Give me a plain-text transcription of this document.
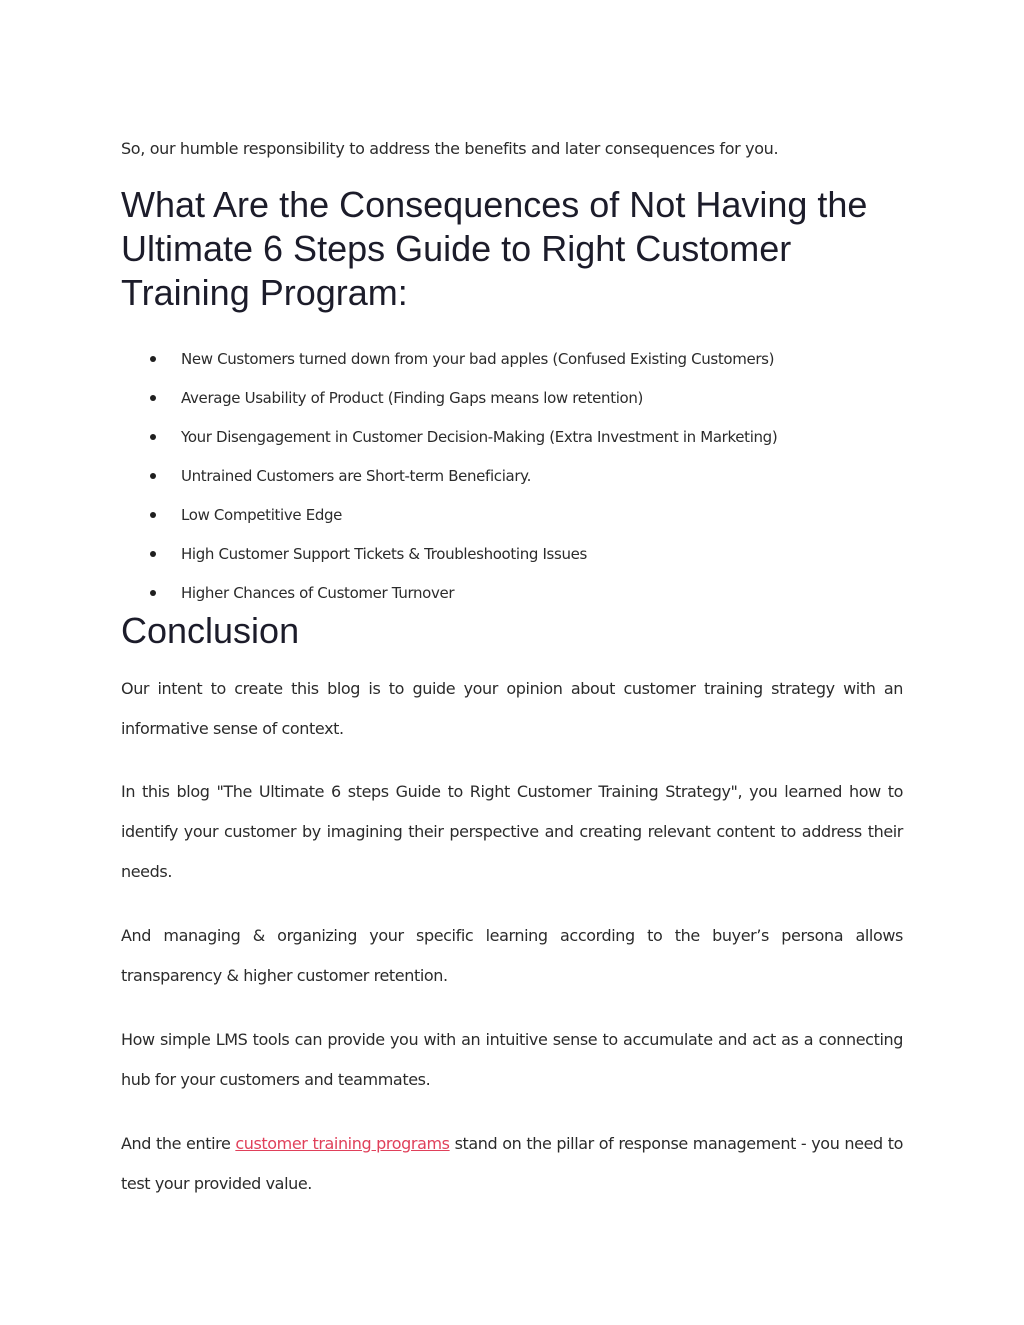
So, our humble responsibility to address the benefits and later consequences for you.

What Are the Consequences of Not Having the Ultimate 6 Steps Guide to Right Customer Training Program:
New Customers turned down from your bad apples (Confused Existing Customers)
Average Usability of Product (Finding Gaps means low retention)
Your Disengagement in Customer Decision-Making (Extra Investment in Marketing)
Untrained Customers are Short-term Beneficiary.
Low Competitive Edge
High Customer Support Tickets & Troubleshooting Issues
Higher Chances of Customer Turnover
Conclusion

Our intent to create this blog is to guide your opinion about customer training strategy with an informative sense of context.

In this blog "The Ultimate 6 steps Guide to Right Customer Training Strategy", you learned how to identify your customer by imagining their perspective and creating relevant content to address their needs.

And managing & organizing your specific learning according to the buyer’s persona allows transparency & higher customer retention.

How simple LMS tools can provide you with an intuitive sense to accumulate and act as a connecting hub for your customers and teammates.

And the entire customer training programs stand on the pillar of response management - you need to test your provided value.
